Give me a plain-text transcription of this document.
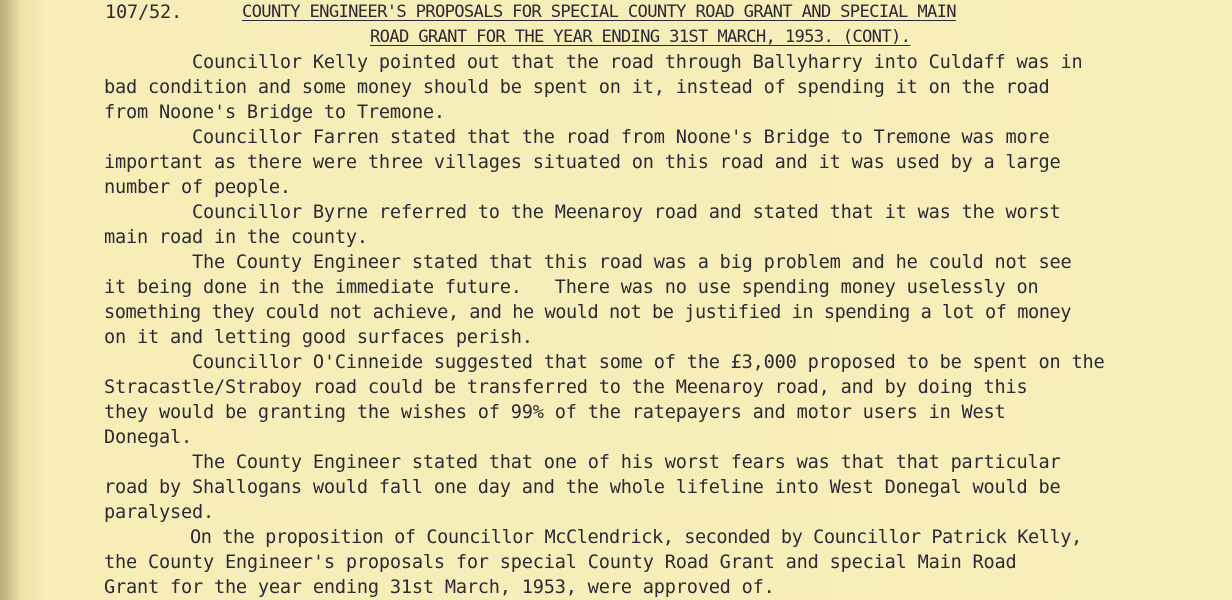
107/52.	COUNTY ENGINEER'S PROPOSALS FOR SPECIAL COUNTY ROAD GRANT AND SPECIAL MAIN
ROAD GRANT FOR THE YEAR ENDING 31ST MARCH, 1953. (CONT).
Councillor Kelly pointed out that the road through Ballyharry into Culdaff was in
bad condition and some money should be spent on it, instead of spending it on the road
from Noone's Bridge to Tremone.
Councillor Farren stated that the road from Noone's Bridge to Tremone was more
important as there were three villages situated on this road and it was used by a large
number of people.
Councillor Byrne referred to the Meenaroy road and stated that it was the worst
main road in the county.
The County Engineer stated that this road was a big problem and he could not see
it being done in the immediate future.   There was no use spending money uselessly on
something they could not achieve, and he would not be justified in spending a lot of money
on it and letting good surfaces perish.
Councillor O'Cinneide suggested that some of the £3,000 proposed to be spent on the
Stracastle/Straboy road could be transferred to the Meenaroy road, and by doing this
they would be granting the wishes of 99% of the ratepayers and motor users in West
Donegal.
The County Engineer stated that one of his worst fears was that that particular
road by Shallogans would fall one day and the whole lifeline into West Donegal would be
paralysed.
On the proposition of Councillor McClendrick, seconded by Councillor Patrick Kelly,
the County Engineer's proposals for special County Road Grant and special Main Road
Grant for the year ending 31st March, 1953, were approved of.
